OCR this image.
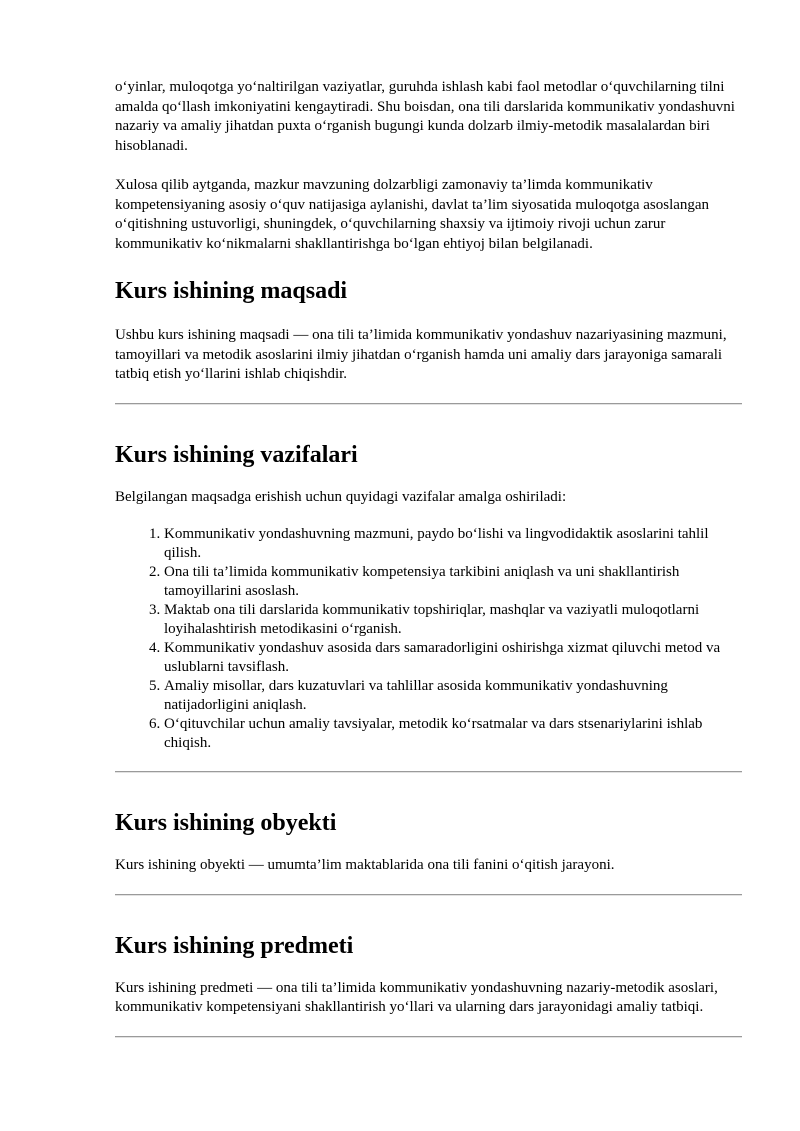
o‘yinlar, muloqotga yo‘naltirilgan vaziyatlar, guruhda ishlash kabi faol metodlar o‘quvchilarning tilni amalda qo‘llash imkoniyatini kengaytiradi. Shu boisdan, ona tili darslarida kommunikativ yondashuvni nazariy va amaliy jihatdan puxta o‘rganish bugungi kunda dolzarb ilmiy-metodik masalalardan biri hisoblanadi.

Xulosa qilib aytganda, mazkur mavzuning dolzarbligi zamonaviy ta’limda kommunikativ kompetensiyaning asosiy o‘quv natijasiga aylanishi, davlat ta’lim siyosatida muloqotga asoslangan o‘qitishning ustuvorligi, shuningdek, o‘quvchilarning shaxsiy va ijtimoiy rivoji uchun zarur kommunikativ ko‘nikmalarni shakllantirishga bo‘lgan ehtiyoj bilan belgilanadi.

Kurs ishining maqsadi

Ushbu kurs ishining maqsadi — ona tili ta’limida kommunikativ yondashuv nazariyasining mazmuni, tamoyillari va metodik asoslarini ilmiy jihatdan o‘rganish hamda uni amaliy dars jarayoniga samarali tatbiq etish yo‘llarini ishlab chiqishdir.

Kurs ishining vazifalari

Belgilangan maqsadga erishish uchun quyidagi vazifalar amalga oshiriladi:

1. Kommunikativ yondashuvning mazmuni, paydo bo‘lishi va lingvodidaktik asoslarini tahlil qilish.
2. Ona tili ta’limida kommunikativ kompetensiya tarkibini aniqlash va uni shakllantirish tamoyillarini asoslash.
3. Maktab ona tili darslarida kommunikativ topshiriqlar, mashqlar va vaziyatli muloqotlarni loyihalashtirish metodikasini o‘rganish.
4. Kommunikativ yondashuv asosida dars samaradorligini oshirishga xizmat qiluvchi metod va uslublarni tavsiflash.
5. Amaliy misollar, dars kuzatuvlari va tahlillar asosida kommunikativ yondashuvning natijadorligini aniqlash.
6. O‘qituvchilar uchun amaliy tavsiyalar, metodik ko‘rsatmalar va dars stsenariylarini ishlab chiqish.
Kurs ishining obyekti

Kurs ishining obyekti — umumta’lim maktablarida ona tili fanini o‘qitish jarayoni.

Kurs ishining predmeti

Kurs ishining predmeti — ona tili ta’limida kommunikativ yondashuvning nazariy-metodik asoslari, kommunikativ kompetensiyani shakllantirish yo‘llari va ularning dars jarayonidagi amaliy tatbiqi.
